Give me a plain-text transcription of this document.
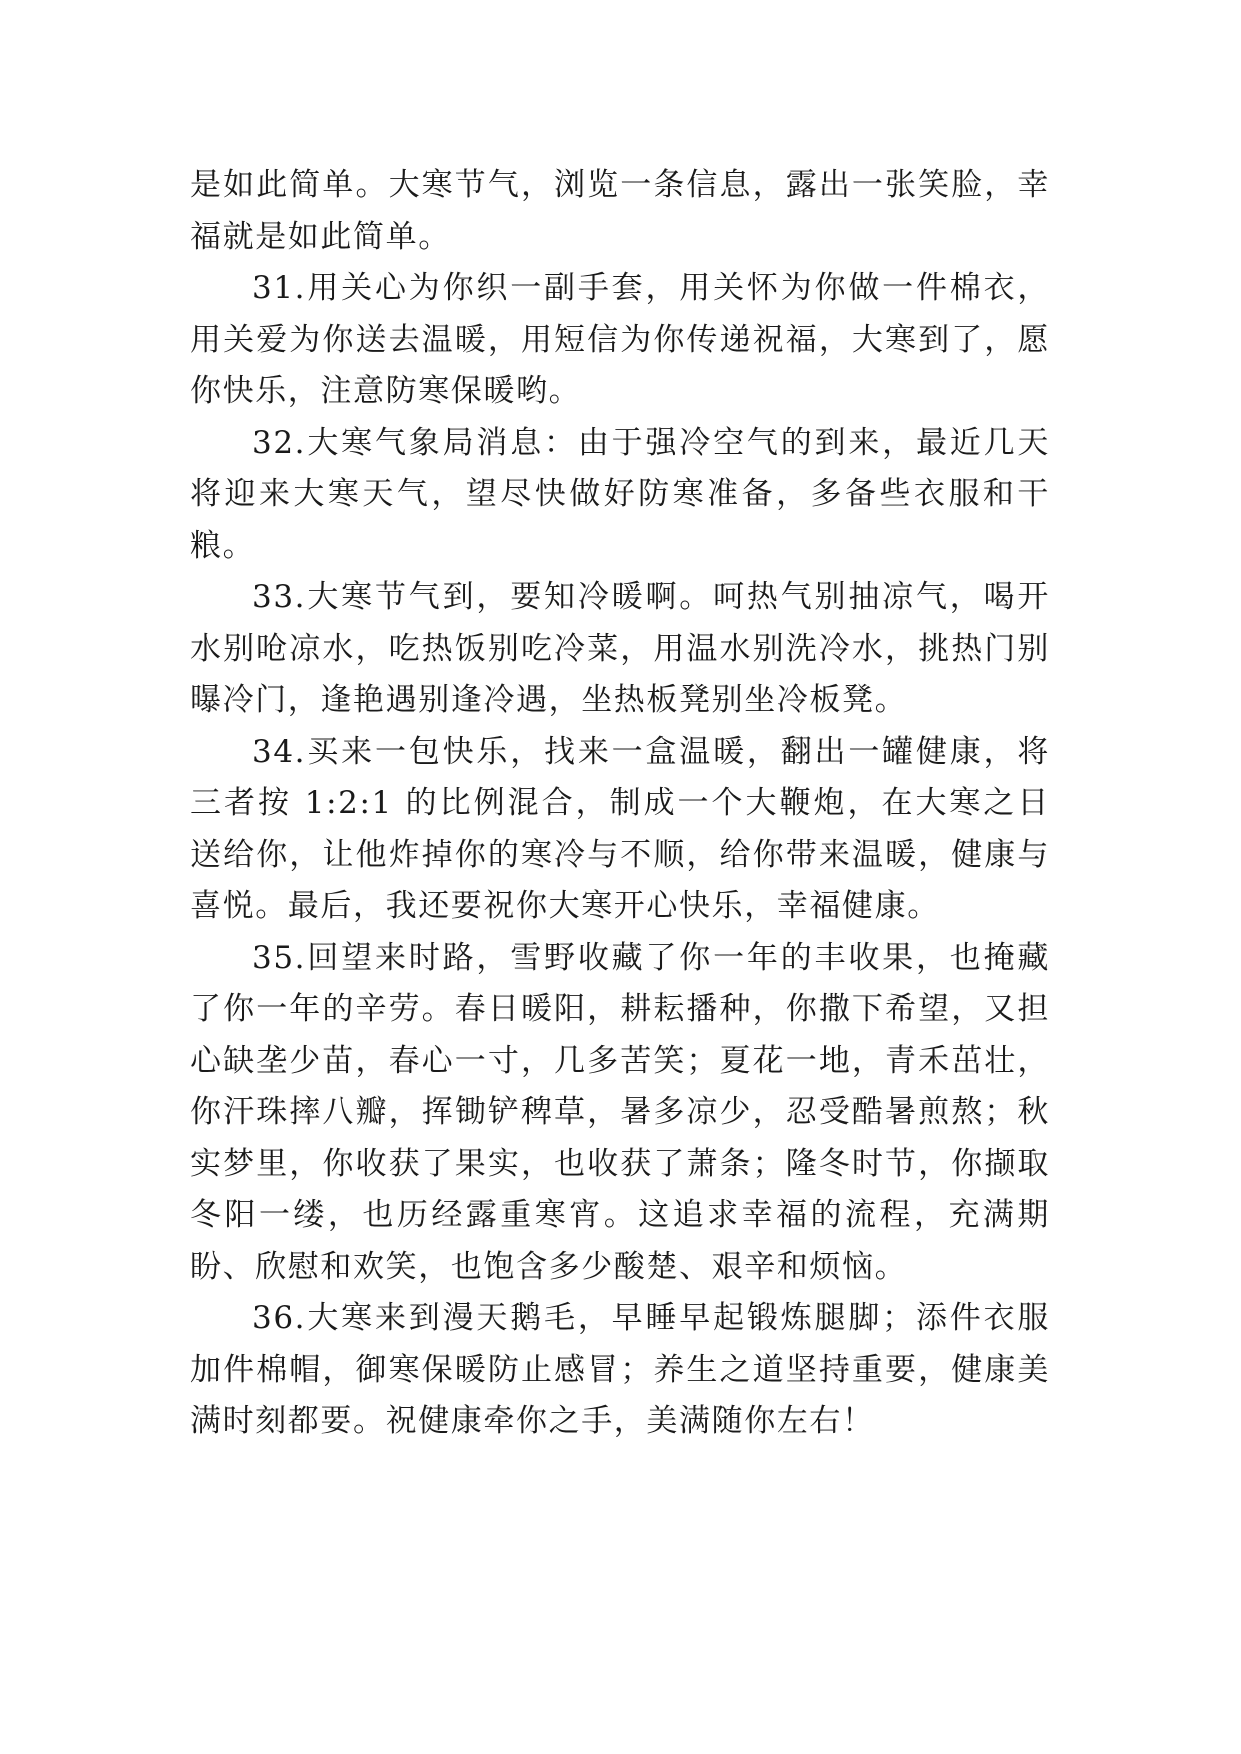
是如此简单。大寒节气，浏览一条信息，露出一张笑脸，幸福就是如此简单。

31.用关心为你织一副手套，用关怀为你做一件棉衣，用关爱为你送去温暖，用短信为你传递祝福，大寒到了，愿你快乐，注意防寒保暖哟。

32.大寒气象局消息：由于强冷空气的到来，最近几天将迎来大寒天气，望尽快做好防寒准备，多备些衣服和干粮。

33.大寒节气到，要知冷暖啊。呵热气别抽凉气，喝开水别呛凉水，吃热饭别吃冷菜，用温水别洗冷水，挑热门别曝冷门，逢艳遇别逢冷遇，坐热板凳别坐冷板凳。

34.买来一包快乐，找来一盒温暖，翻出一罐健康，将三者按 1:2:1 的比例混合，制成一个大鞭炮，在大寒之日送给你，让他炸掉你的寒冷与不顺，给你带来温暖，健康与喜悦。最后，我还要祝你大寒开心快乐，幸福健康。

35.回望来时路，雪野收藏了你一年的丰收果，也掩藏了你一年的辛劳。春日暖阳，耕耘播种，你撒下希望，又担心缺垄少苗，春心一寸，几多苦笑；夏花一地，青禾茁壮，你汗珠摔八瓣，挥锄铲稗草，暑多凉少，忍受酷暑煎熬；秋实梦里，你收获了果实，也收获了萧条；隆冬时节，你撷取冬阳一缕，也历经露重寒宵。这追求幸福的流程，充满期盼、欣慰和欢笑，也饱含多少酸楚、艰辛和烦恼。

36.大寒来到漫天鹅毛，早睡早起锻炼腿脚；添件衣服加件棉帽，御寒保暖防止感冒；养生之道坚持重要，健康美满时刻都要。祝健康牵你之手，美满随你左右！
